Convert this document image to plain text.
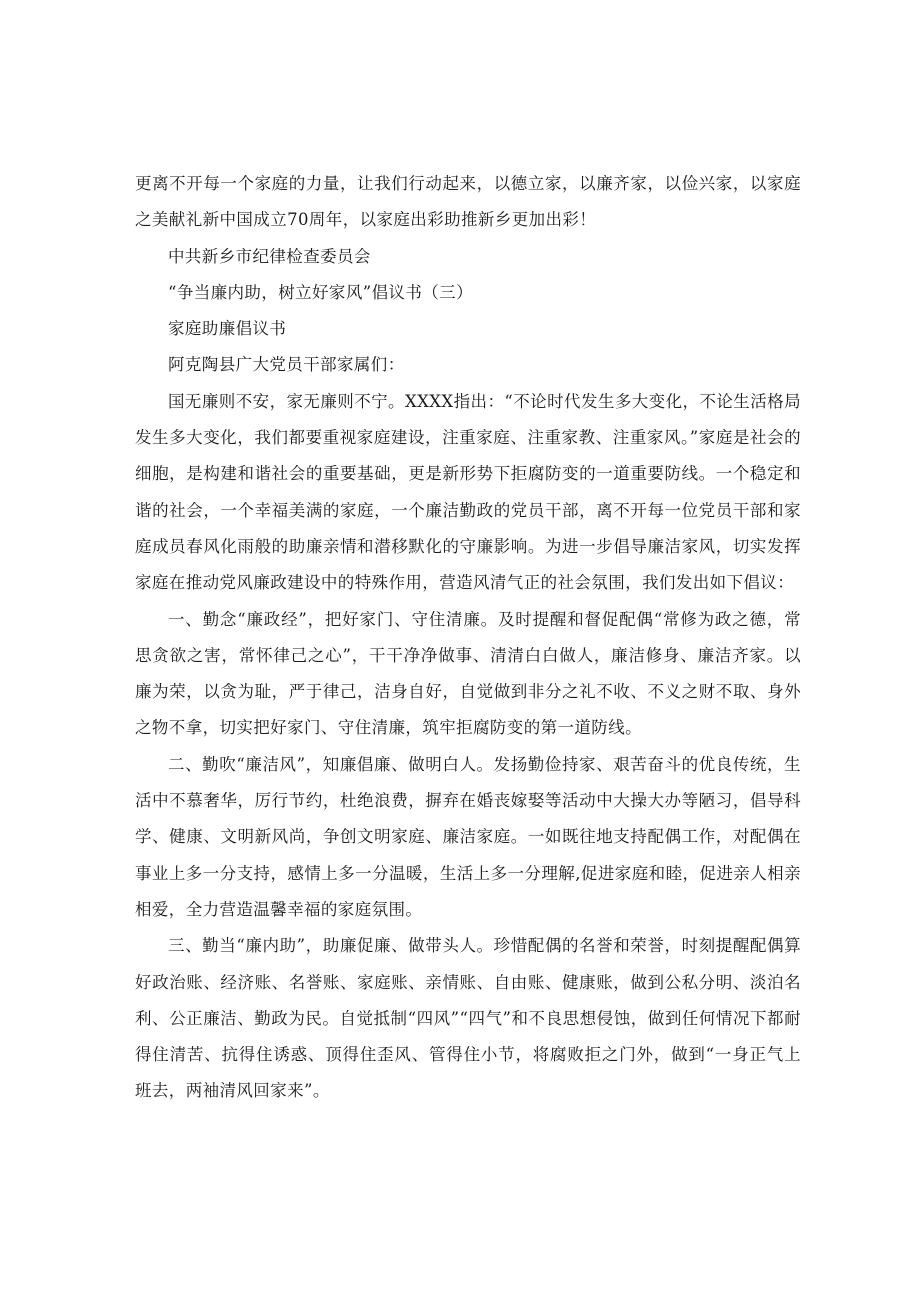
更离不开每一个家庭的力量，让我们行动起来，以德立家，以廉齐家，以俭兴家，以家庭之美献礼新中国成立70周年，以家庭出彩助推新乡更加出彩！

中共新乡市纪律检查委员会

“争当廉内助，树立好家风”倡议书（三）

家庭助廉倡议书

阿克陶县广大党员干部家属们：

国无廉则不安，家无廉则不宁。XXXX指出：“不论时代发生多大变化，不论生活格局发生多大变化，我们都要重视家庭建设，注重家庭、注重家教、注重家风。”家庭是社会的细胞，是构建和谐社会的重要基础，更是新形势下拒腐防变的一道重要防线。一个稳定和谐的社会，一个幸福美满的家庭，一个廉洁勤政的党员干部，离不开每一位党员干部和家庭成员春风化雨般的助廉亲情和潜移默化的守廉影响。为进一步倡导廉洁家风，切实发挥家庭在推动党风廉政建设中的特殊作用，营造风清气正的社会氛围，我们发出如下倡议：

一、勤念“廉政经”，把好家门、守住清廉。及时提醒和督促配偶“常修为政之德，常思贪欲之害，常怀律己之心”，干干净净做事、清清白白做人，廉洁修身、廉洁齐家。以廉为荣，以贪为耻，严于律己，洁身自好，自觉做到非分之礼不收、不义之财不取、身外之物不拿，切实把好家门、守住清廉，筑牢拒腐防变的第一道防线。

二、勤吹“廉洁风”，知廉倡廉、做明白人。发扬勤俭持家、艰苦奋斗的优良传统，生活中不慕奢华，厉行节约，杜绝浪费，摒弃在婚丧嫁娶等活动中大操大办等陋习，倡导科学、健康、文明新风尚，争创文明家庭、廉洁家庭。一如既往地支持配偶工作，对配偶在事业上多一分支持，感情上多一分温暖，生活上多一分理解,促进家庭和睦，促进亲人相亲相爱，全力营造温馨幸福的家庭氛围。

三、勤当“廉内助”，助廉促廉、做带头人。珍惜配偶的名誉和荣誉，时刻提醒配偶算好政治账、经济账、名誉账、家庭账、亲情账、自由账、健康账，做到公私分明、淡泊名利、公正廉洁、勤政为民。自觉抵制“四风”“四气”和不良思想侵蚀，做到任何情况下都耐得住清苦、抗得住诱惑、顶得住歪风、管得住小节，将腐败拒之门外，做到“一身正气上班去，两袖清风回家来”。
